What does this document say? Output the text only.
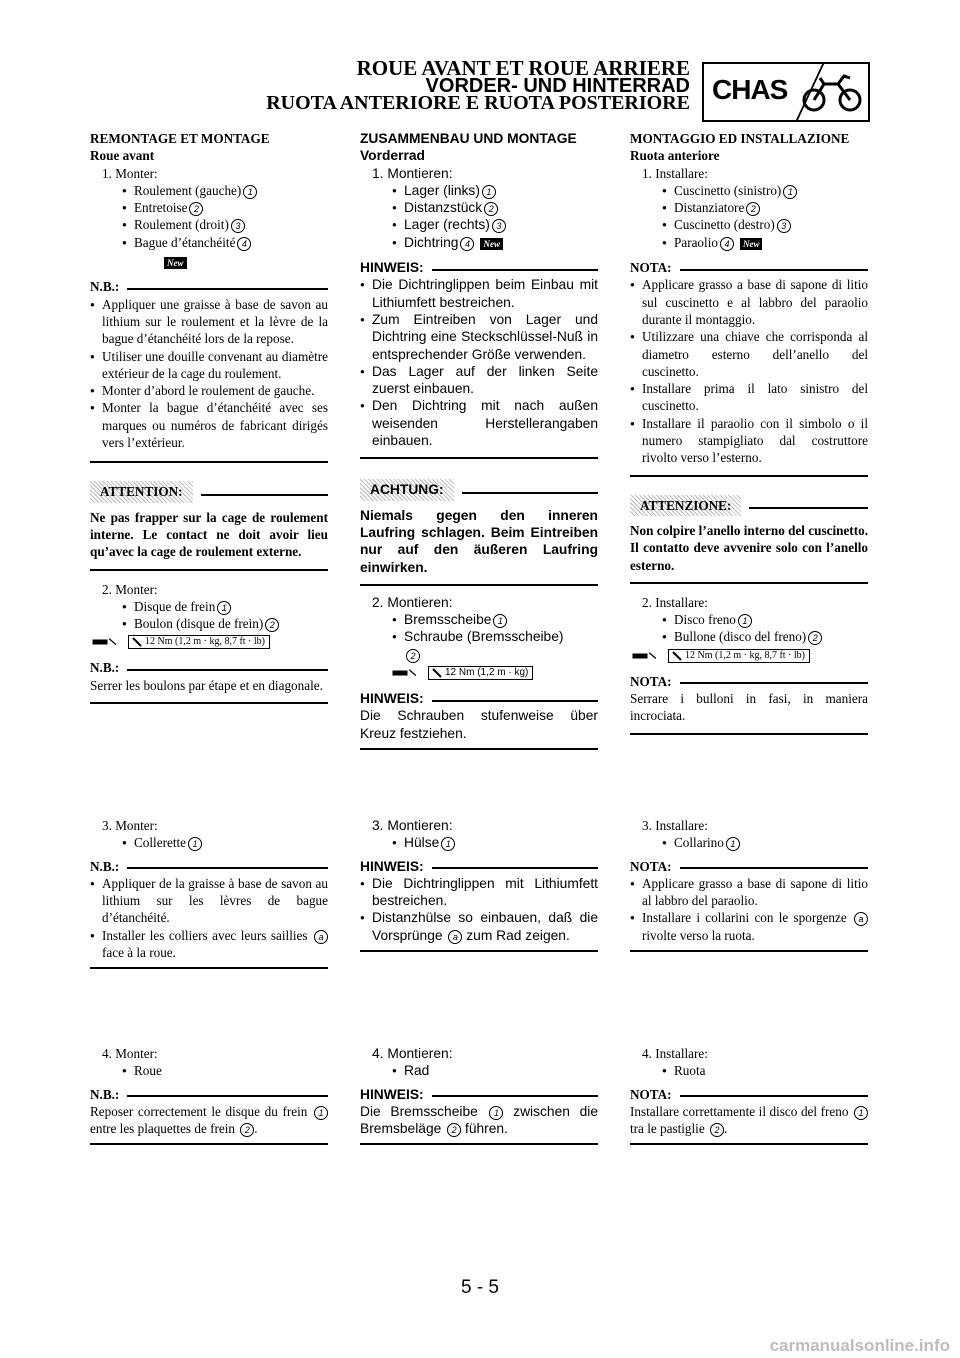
ROUE AVANT ET ROUE ARRIERE
VORDER- UND HINTERRAD
RUOTA ANTERIORE E RUOTA POSTERIORE CHAS
REMONTAGE ET MONTAGE
Roue avant
1. Monter:
● Roulement (gauche) 1
● Entretoise 2
● Roulement (droit) 3
● Bague d’étanchéité 4
New
N.B.:
● Appliquer une graisse à base de savon au lithium sur le roulement et la lèvre de la bague d’étanchéité lors de la repose.
● Utiliser une douille convenant au diamètre extérieur de la cage du roulement.
● Monter d’abord le roulement de gauche.
● Monter la bague d’étanchéité avec ses marques ou numéros de fabricant dirigés vers l’extérieur.
ATTENTION:
Ne pas frapper sur la cage de roulement interne. Le contact ne doit avoir lieu qu’avec la cage de roulement externe.
2. Monter:
● Disque de frein 1
● Boulon (disque de frein) 2
12 Nm (1,2 m · kg, 8,7 ft · lb)
N.B.:
Serrer les boulons par étape et en diagonale.
3. Monter:
● Collerette 1
N.B.:
● Appliquer de la graisse à base de savon au lithium sur les lèvres de bague d’étanchéité.
● Installer les colliers avec leurs saillies a face à la roue.
4. Monter:
● Roue
N.B.:
Reposer correctement le disque du frein 1 entre les plaquettes de frein 2 .
ZUSAMMENBAU UND MONTAGE
Vorderrad
1. Montieren:
● Lager (links) 1
● Distanzstück 2
● Lager (rechts) 3
● Dichtring 4 New
HINWEIS:
● Die Dichtringlippen beim Einbau mit Lithiumfett bestreichen.
● Zum Eintreiben von Lager und Dichtring eine Steckschlüssel-Nuß in entsprechender Größe verwenden.
● Das Lager auf der linken Seite zuerst einbauen.
● Den Dichtring mit nach außen weisenden Herstellerangaben einbauen.
ACHTUNG:
Niemals gegen den inneren Laufring schlagen. Beim Eintreiben nur auf den äußeren Laufring einwirken.
2. Montieren:
● Bremsscheibe 1
● Schraube (Bremsscheibe)
2
12 Nm (1,2 m · kg)
HINWEIS:
Die Schrauben stufenweise über Kreuz festziehen.
3. Montieren:
● Hülse 1
HINWEIS:
● Die Dichtringlippen mit Lithiumfett bestreichen.
● Distanzhülse so einbauen, daß die Vorsprünge a zum Rad zeigen.
4. Montieren:
● Rad
HINWEIS:
Die Bremsscheibe 1 zwischen die Bremsbeläge 2 führen.
MONTAGGIO ED INSTALLAZIONE
Ruota anteriore
1. Installare:
● Cuscinetto (sinistro) 1
● Distanziatore 2
● Cuscinetto (destro) 3
● Paraolio 4 New
NOTA:
● Applicare grasso a base di sapone di litio sul cuscinetto e al labbro del paraolio durante il montaggio.
● Utilizzare una chiave che corrisponda al diametro esterno dell’anello del cuscinetto.
● Installare prima il lato sinistro del cuscinetto.
● Installare il paraolio con il simbolo o il numero stampigliato dal costruttore rivolto verso l’esterno.
ATTENZIONE:
Non colpire l’anello interno del cuscinetto. Il contatto deve avvenire solo con l’anello esterno.
2. Installare:
● Disco freno 1
● Bullone (disco del freno) 2
12 Nm (1,2 m · kg, 8,7 ft · lb)
NOTA:
Serrare i bulloni in fasi, in maniera incrociata.
3. Installare:
● Collarino 1
NOTA:
● Applicare grasso a base di sapone di litio al labbro del paraolio.
● Installare i collarini con le sporgenze a rivolte verso la ruota.
4. Installare:
● Ruota
NOTA:
Installare correttamente il disco del freno 1 tra le pastiglie 2 .
5 - 5
carmanualsonline.info
